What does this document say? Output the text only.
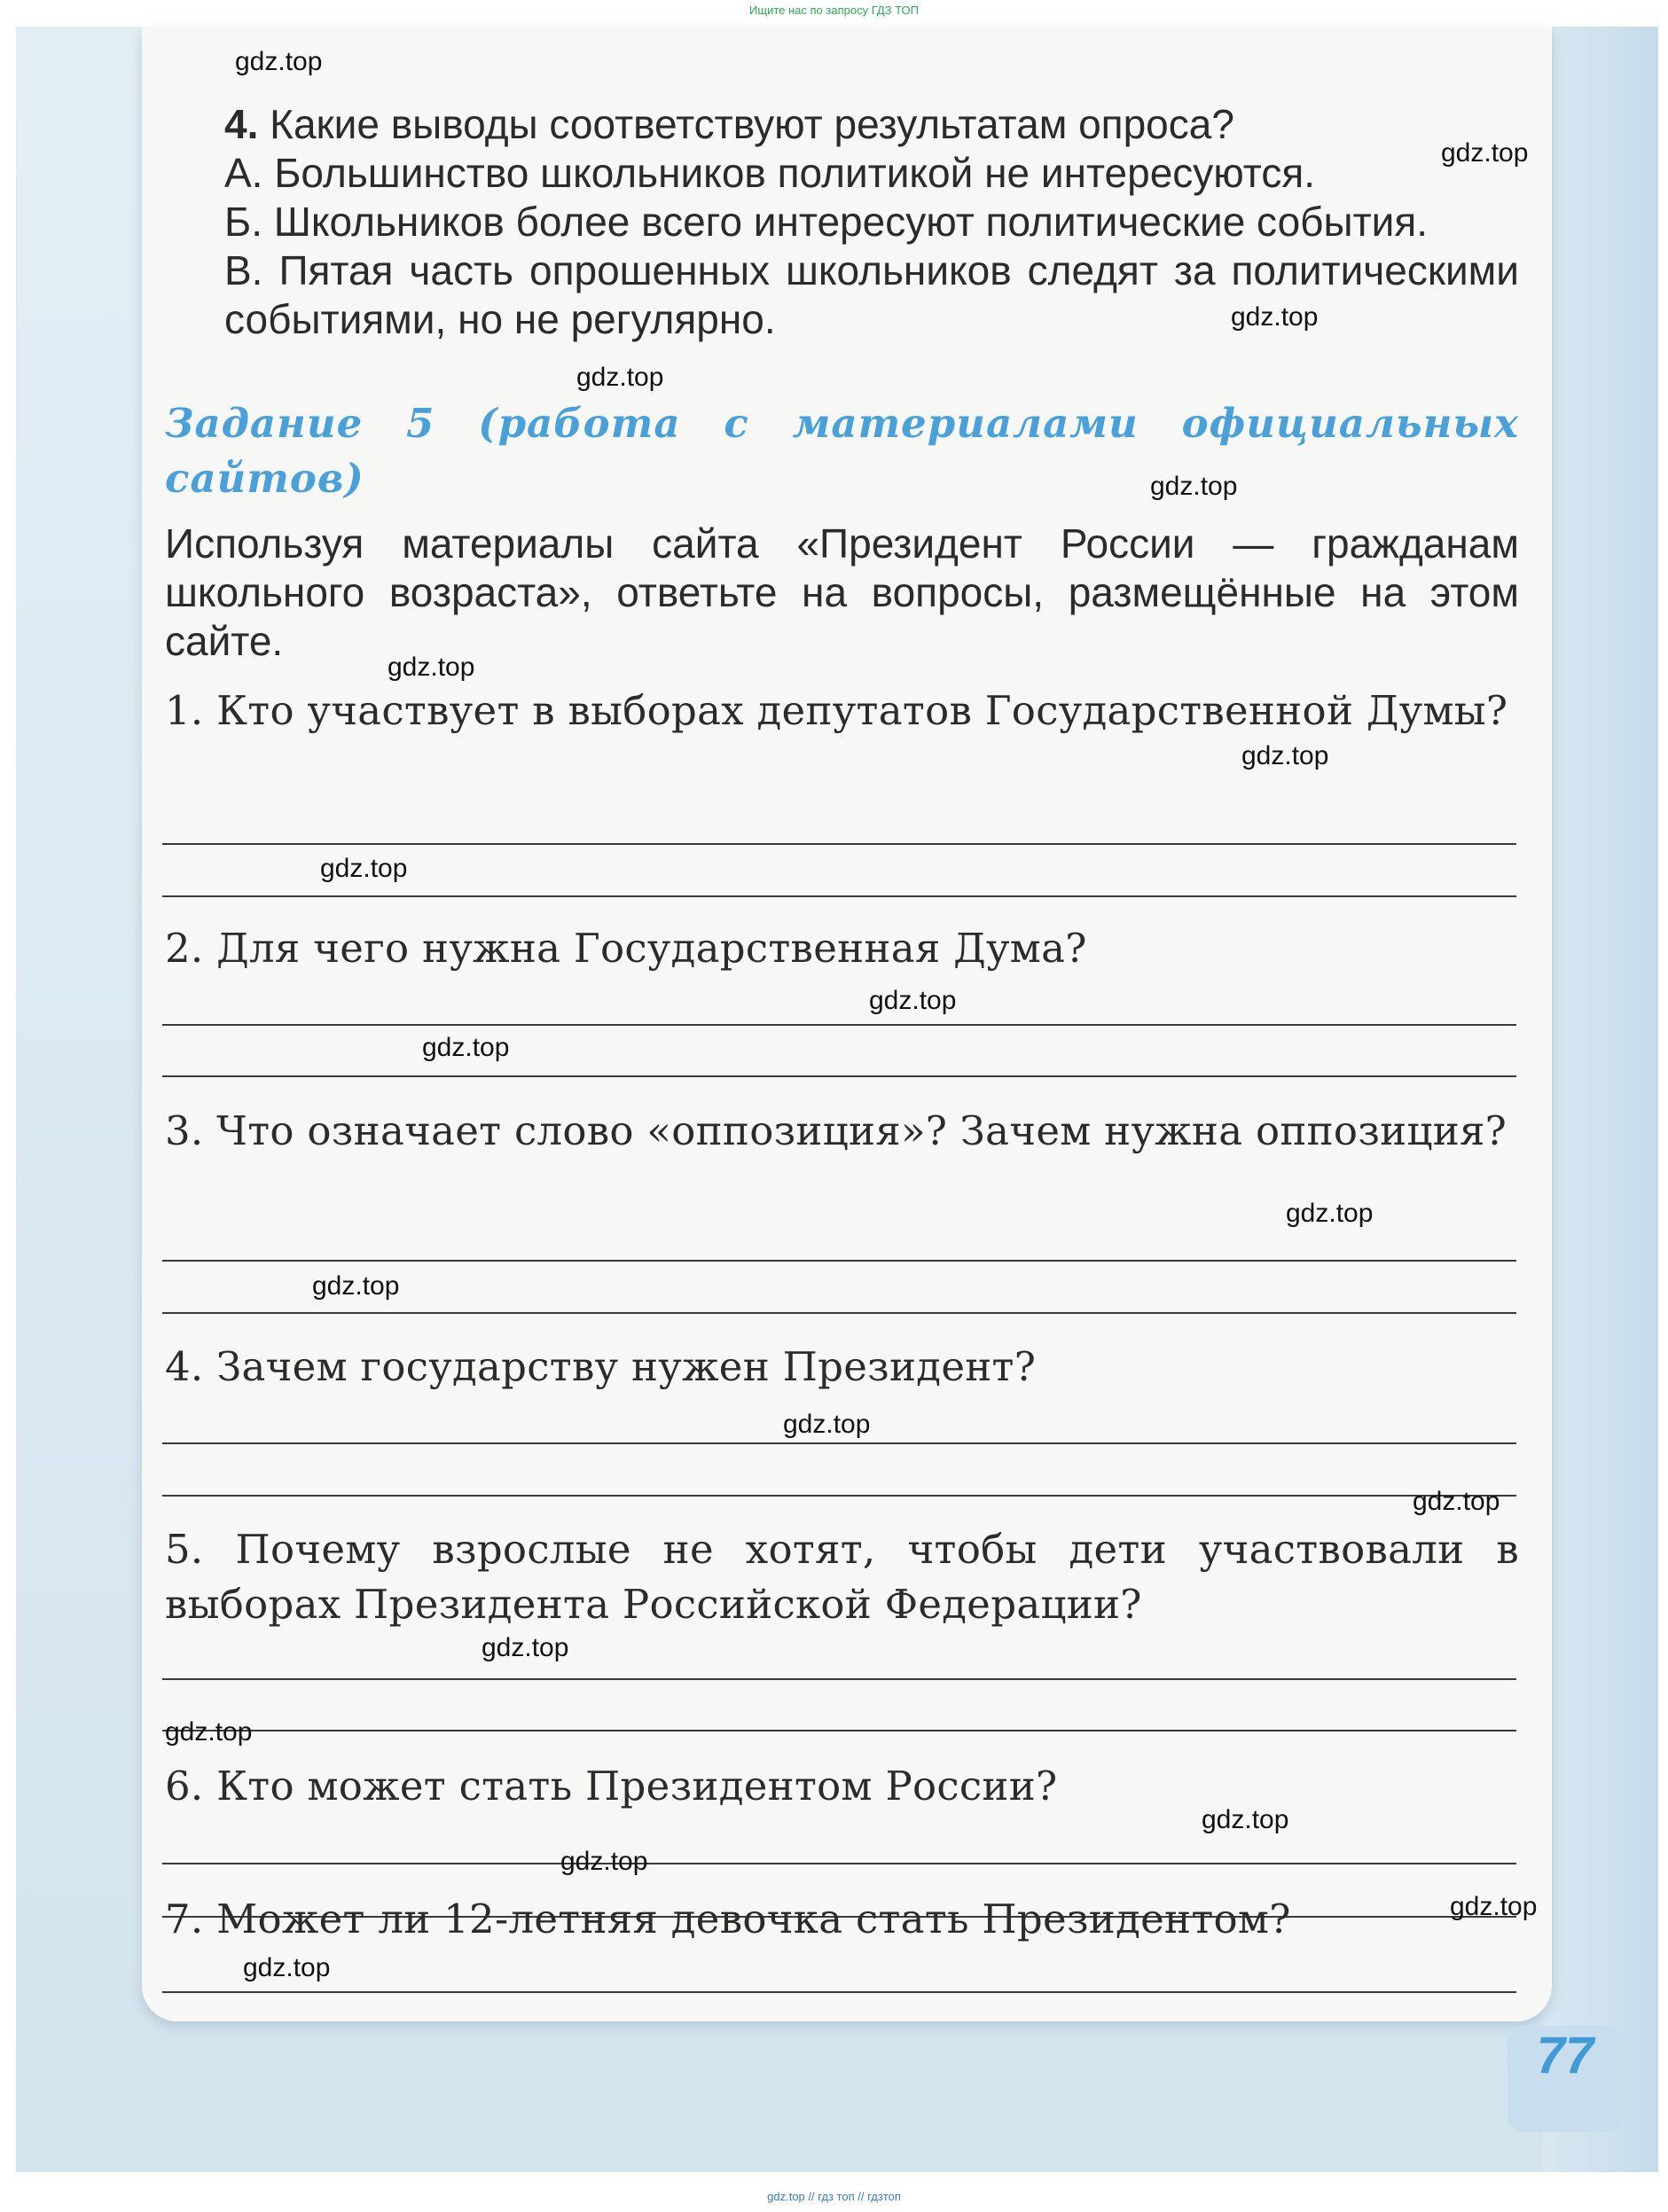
Ищите нас по запросу ГДЗ ТОП
4. Какие выводы соответствуют результатам опроса?
А. Большинство школьников политикой не интересуются.
Б. Школьников более всего интересуют политические события.
В. Пятая часть опрошенных школьников следят за политическими событиями, но не регулярно.
Задание 5 (работа с материалами официальных сайтов)
Используя материалы сайта «Президент России — гражданам школьного возраста», ответьте на вопросы, размещённые на этом сайте.
1. Кто участвует в выборах депутатов Государственной Думы?
2. Для чего нужна Государственная Дума?
3. Что означает слово «оппозиция»? Зачем нужна оппозиция?
4. Зачем государству нужен Президент?
5. Почему взрослые не хотят, чтобы дети участвовали в выборах Президента Российской Федерации?
6. Кто может стать Президентом России?
7. Может ли 12-летняя девочка стать Президентом?
gdz.top
gdz.top
gdz.top
gdz.top
gdz.top
gdz.top
gdz.top
gdz.top
gdz.top
gdz.top
gdz.top
gdz.top
gdz.top
gdz.top
gdz.top
gdz.top
gdz.top
gdz.top
gdz.top
gdz.top
77
gdz.top // гдз топ // гдзтоп
